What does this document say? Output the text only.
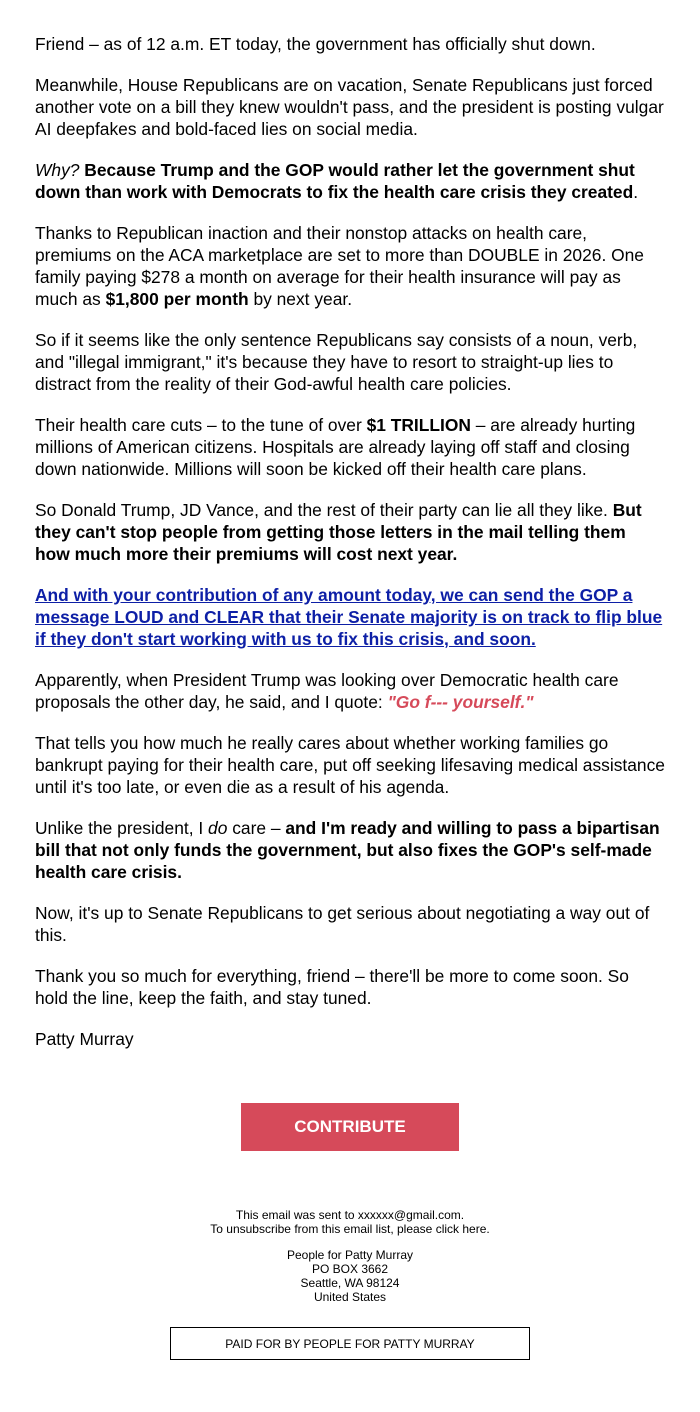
Friend – as of 12 a.m. ET today, the government has officially shut down.

Meanwhile, House Republicans are on vacation, Senate Republicans just forced another vote on a bill they knew wouldn't pass, and the president is posting vulgar AI deepfakes and bold-faced lies on social media.

Why? Because Trump and the GOP would rather let the government shut down than work with Democrats to fix the health care crisis they created.

Thanks to Republican inaction and their nonstop attacks on health care, premiums on the ACA marketplace are set to more than DOUBLE in 2026. One family paying $278 a month on average for their health insurance will pay as much as $1,800 per month by next year.

So if it seems like the only sentence Republicans say consists of a noun, verb, and "illegal immigrant," it's because they have to resort to straight-up lies to distract from the reality of their God-awful health care policies.

Their health care cuts – to the tune of over $1 TRILLION – are already hurting millions of American citizens. Hospitals are already laying off staff and closing down nationwide. Millions will soon be kicked off their health care plans.

So Donald Trump, JD Vance, and the rest of their party can lie all they like. But they can't stop people from getting those letters in the mail telling them how much more their premiums will cost next year.

And with your contribution of any amount today, we can send the GOP a message LOUD and CLEAR that their Senate majority is on track to flip blue if they don't start working with us to fix this crisis, and soon.

Apparently, when President Trump was looking over Democratic health care proposals the other day, he said, and I quote: "Go f--- yourself."

That tells you how much he really cares about whether working families go bankrupt paying for their health care, put off seeking lifesaving medical assistance until it's too late, or even die as a result of his agenda.

Unlike the president, I do care – and I'm ready and willing to pass a bipartisan bill that not only funds the government, but also fixes the GOP's self-made health care crisis.

Now, it's up to Senate Republicans to get serious about negotiating a way out of this.

Thank you so much for everything, friend – there'll be more to come soon. So hold the line, keep the faith, and stay tuned.

Patty Murray

CONTRIBUTE
This email was sent to xxxxxx@gmail.com.
To unsubscribe from this email list, please click here.
People for Patty Murray
PO BOX 3662
Seattle, WA 98124
United States
PAID FOR BY PEOPLE FOR PATTY MURRAY
